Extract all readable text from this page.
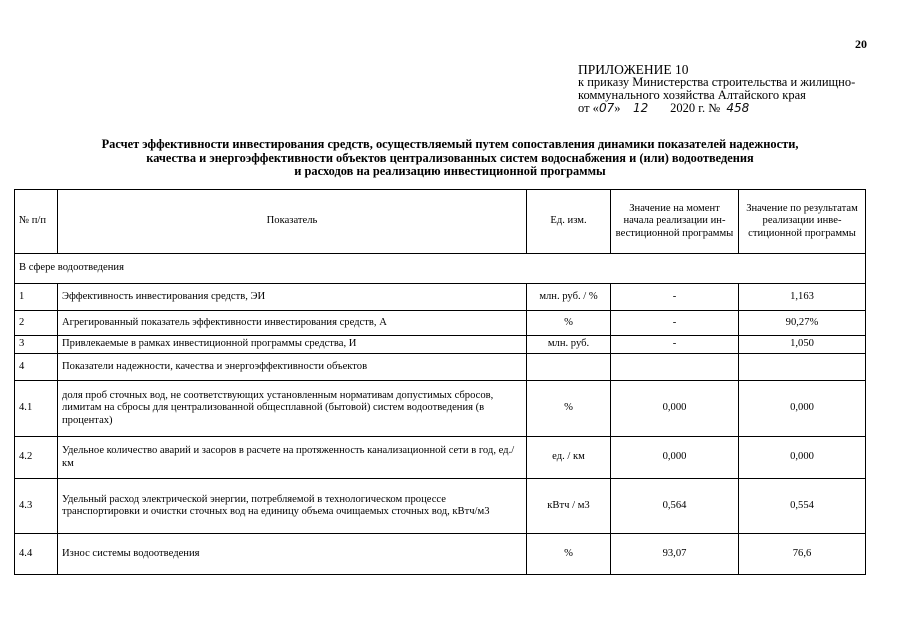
20
ПРИЛОЖЕНИЕ 10
к приказу Министерства строительства и жилищно-
коммунального хозяйства Алтайского края
от «07» 12 2020 г. № 458
Расчет эффективности инвестирования средств, осуществляемый путем сопоставления динамики показателей надежности,
качества и энергоэффективности объектов централизованных систем водоснабжения и (или) водоотведения
и расходов на реализацию инвестиционной программы
№ п/п	Показатель	Ед. изм.	Значение на момент начала реализации инвестиционной программы	Значение по результатам реализации инвестиционной программы
В сфере водоотведения				
1	Эффективность инвестирования средств, ЭИ	млн. руб. / %	-	1,163
2	Агрегированный показатель эффективности инвестирования средств, А	%	-	90,27%
3	Привлекаемые в рамках инвестиционной программы средства, И	млн. руб.	-	1,050
4	Показатели надежности, качества и энергоэффективности объектов			
4.1	доля проб сточных вод, не соответствующих установленным нормативам допустимых сбросов, лимитам на сбросы для централизованной общесплавной (бытовой) систем водоотведения (в процентах)	%	0,000	0,000
4.2	Удельное количество аварий и засоров в расчете на протяженность канализационной сети в год, ед./км	ед. / км	0,000	0,000
4.3	Удельный расход электрической энергии, потребляемой в технологическом процессе транспортировки и очистки сточных вод на единицу объема очищаемых сточных вод, кВтч/м3	кВтч / м3	0,564	0,554
4.4	Износ системы водоотведения	%	93,07	76,6
